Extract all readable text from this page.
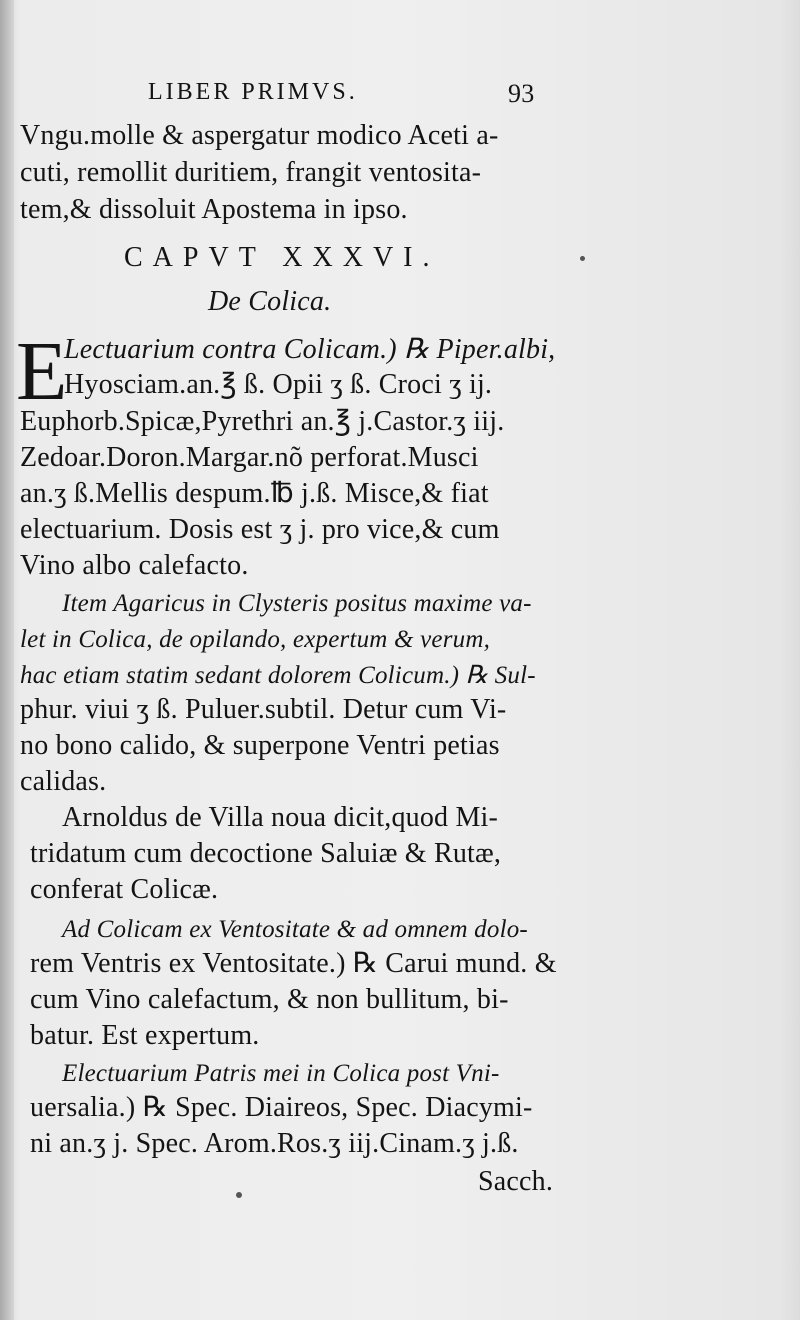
LIBER PRIMVS.	93
Vngu.molle & aspergatur modico Aceti a-
cuti, remollit duritiem, frangit ventosita-
tem,& dissoluit Apostema in ipso.
CAPVT XXXVI.
De Colica.
E
Lectuarium contra Colicam.) ℞ Piper.albi,
Hyosciam.an.℥ ß. Opii ʒ ß. Croci ʒ ij.
Euphorb.Spicæ,Pyrethri an.℥ j.Castor.ʒ iij.
Zedoar.Doron.Margar.nõ perforat.Musci
an.ʒ ß.Mellis despum.℔ j.ß. Misce,& fiat
electuarium. Dosis est ʒ j. pro vice,& cum
Vino albo calefacto.
Item Agaricus in Clysteris positus maxime va-
let in Colica, de opilando, expertum & verum,
hac etiam statim sedant dolorem Colicum.) ℞ Sul-
phur. viui ʒ ß. Puluer.subtil. Detur cum Vi-
no bono calido, & superpone Ventri petias
calidas.
Arnoldus de Villa noua dicit,quod Mi-
tridatum cum decoctione Saluiæ & Rutæ,
conferat Colicæ.
Ad Colicam ex Ventositate & ad omnem dolo-
rem Ventris ex Ventositate.) ℞ Carui mund. &
cum Vino calefactum, & non bullitum, bi-
batur. Est expertum.
Electuarium Patris mei in Colica post Vni-
uersalia.) ℞ Spec. Diaireos, Spec. Diacymi-
ni an.ʒ j. Spec. Arom.Ros.ʒ iij.Cinam.ʒ j.ß.
Sacch.
